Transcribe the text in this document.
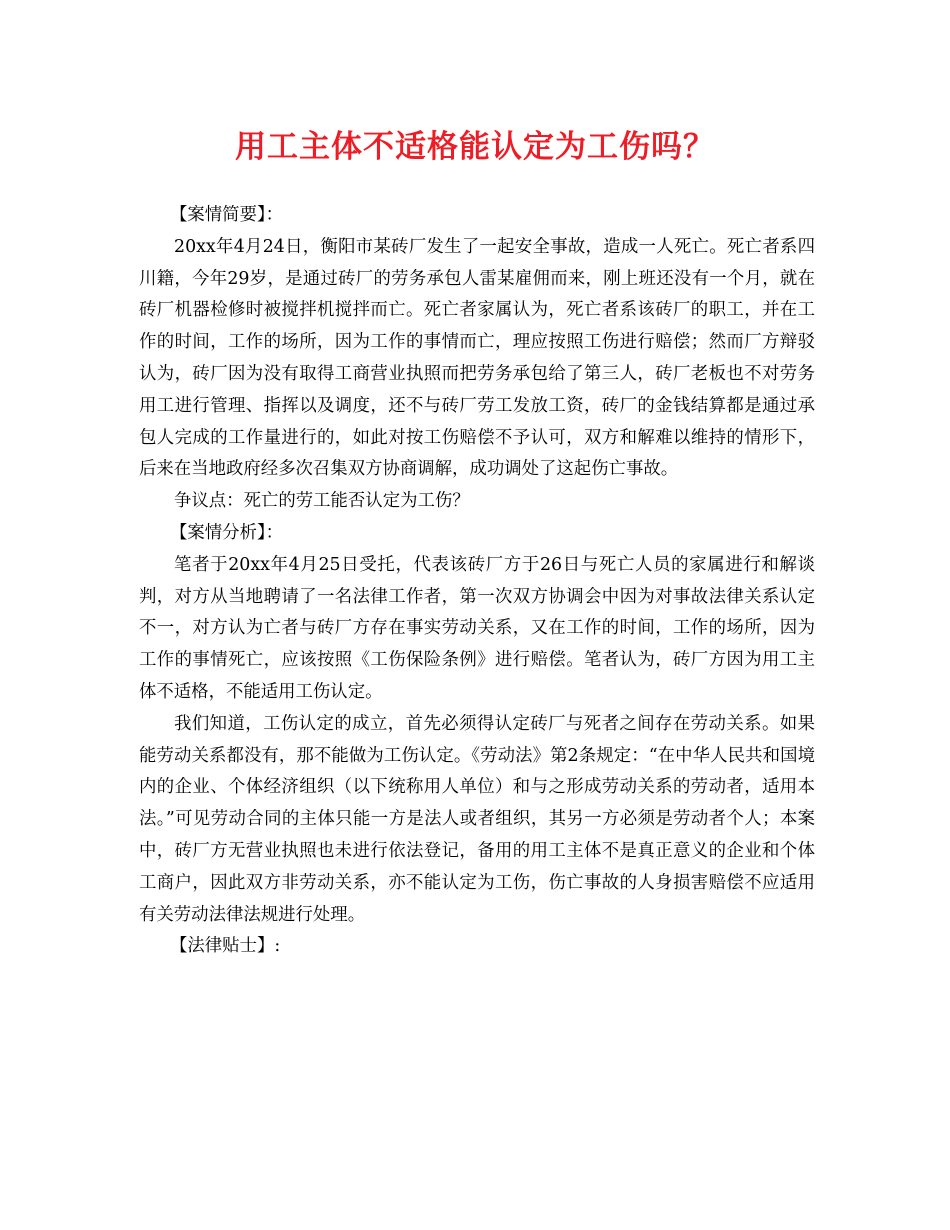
用工主体不适格能认定为工伤吗？

【案情简要】：

20xx年4月24日，衡阳市某砖厂发生了一起安全事故，造成一人死亡。死亡者系四川籍，今年29岁，是通过砖厂的劳务承包人雷某雇佣而来，刚上班还没有一个月，就在砖厂机器检修时被搅拌机搅拌而亡。死亡者家属认为，死亡者系该砖厂的职工，并在工作的时间，工作的场所，因为工作的事情而亡，理应按照工伤进行赔偿；然而厂方辩驳认为，砖厂因为没有取得工商营业执照而把劳务承包给了第三人，砖厂老板也不对劳务用工进行管理、指挥以及调度，还不与砖厂劳工发放工资，砖厂的金钱结算都是通过承包人完成的工作量进行的，如此对按工伤赔偿不予认可，双方和解难以维持的情形下，后来在当地政府经多次召集双方协商调解，成功调处了这起伤亡事故。

争议点：死亡的劳工能否认定为工伤？

【案情分析】：

笔者于20xx年4月25日受托，代表该砖厂方于26日与死亡人员的家属进行和解谈判，对方从当地聘请了一名法律工作者，第一次双方协调会中因为对事故法律关系认定不一，对方认为亡者与砖厂方存在事实劳动关系，又在工作的时间，工作的场所，因为工作的事情死亡，应该按照《工伤保险条例》进行赔偿。笔者认为，砖厂方因为用工主体不适格，不能适用工伤认定。

我们知道，工伤认定的成立，首先必须得认定砖厂与死者之间存在劳动关系。如果能劳动关系都没有，那不能做为工伤认定。《劳动法》第2条规定：“在中华人民共和国境内的企业、个体经济组织（以下统称用人单位）和与之形成劳动关系的劳动者，适用本法。”可见劳动合同的主体只能一方是法人或者组织，其另一方必须是劳动者个人；本案中，砖厂方无营业执照也未进行依法登记，备用的用工主体不是真正意义的企业和个体工商户，因此双方非劳动关系，亦不能认定为工伤，伤亡事故的人身损害赔偿不应适用有关劳动法律法规进行处理。

【法律贴士】:
